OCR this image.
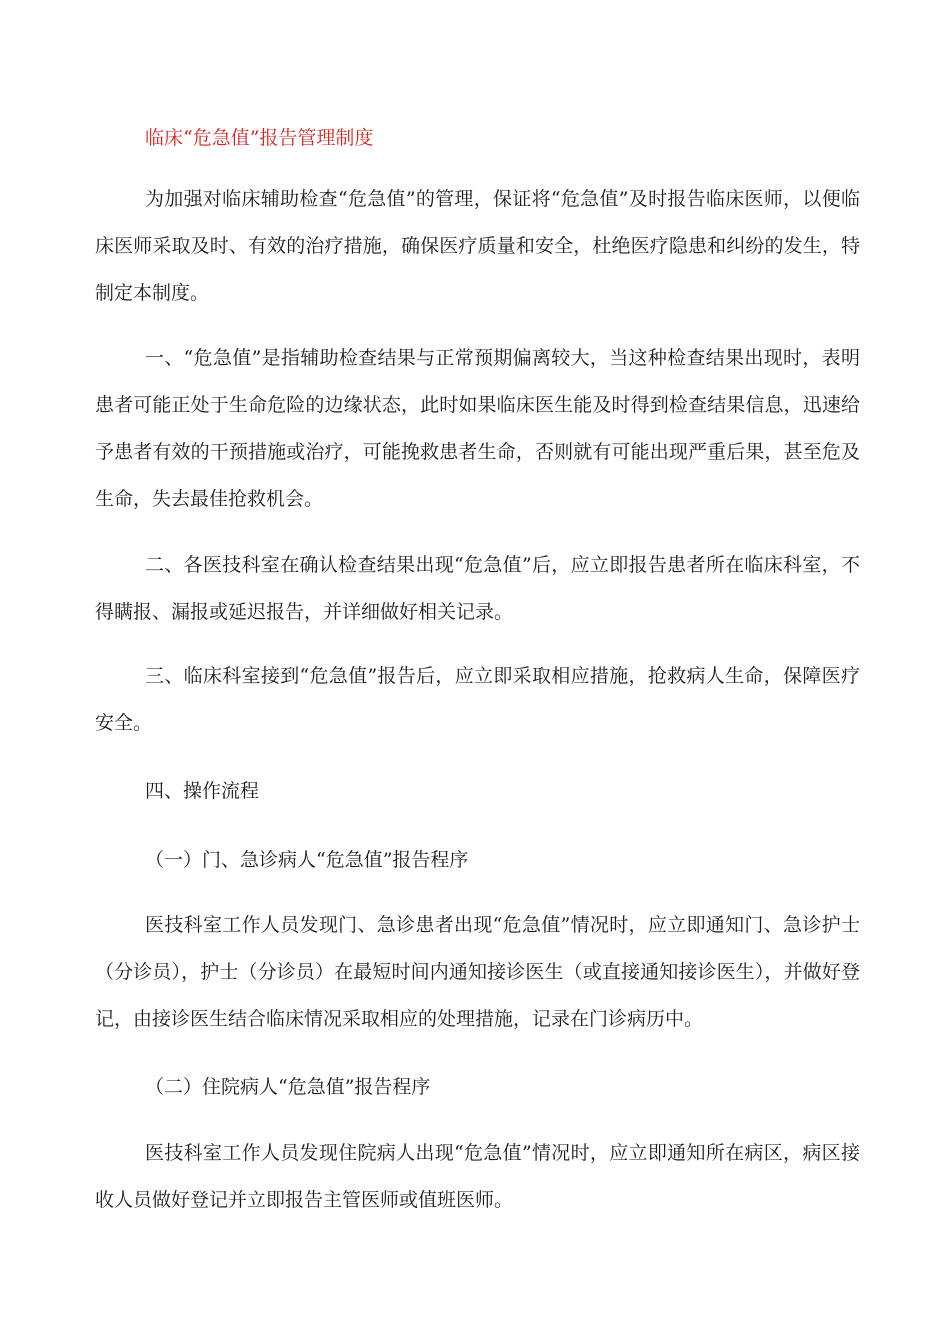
临床“危急值”报告管理制度

为加强对临床辅助检查“危急值”的管理，保证将“危急值”及时报告临床医师，以便临床医师采取及时、有效的治疗措施，确保医疗质量和安全，杜绝医疗隐患和纠纷的发生，特制定本制度。

一、“危急值”是指辅助检查结果与正常预期偏离较大，当这种检查结果出现时，表明患者可能正处于生命危险的边缘状态，此时如果临床医生能及时得到检查结果信息，迅速给予患者有效的干预措施或治疗，可能挽救患者生命，否则就有可能出现严重后果，甚至危及生命，失去最佳抢救机会。

二、各医技科室在确认检查结果出现“危急值”后，应立即报告患者所在临床科室，不得瞒报、漏报或延迟报告，并详细做好相关记录。

三、临床科室接到“危急值”报告后，应立即采取相应措施，抢救病人生命，保障医疗安全。

四、操作流程

（一）门、急诊病人“危急值”报告程序

医技科室工作人员发现门、急诊患者出现“危急值”情况时，应立即通知门、急诊护士（分诊员），护士（分诊员）在最短时间内通知接诊医生（或直接通知接诊医生），并做好登记，由接诊医生结合临床情况采取相应的处理措施，记录在门诊病历中。

（二）住院病人“危急值”报告程序

医技科室工作人员发现住院病人出现“危急值”情况时，应立即通知所在病区，病区接收人员做好登记并立即报告主管医师或值班医师。
